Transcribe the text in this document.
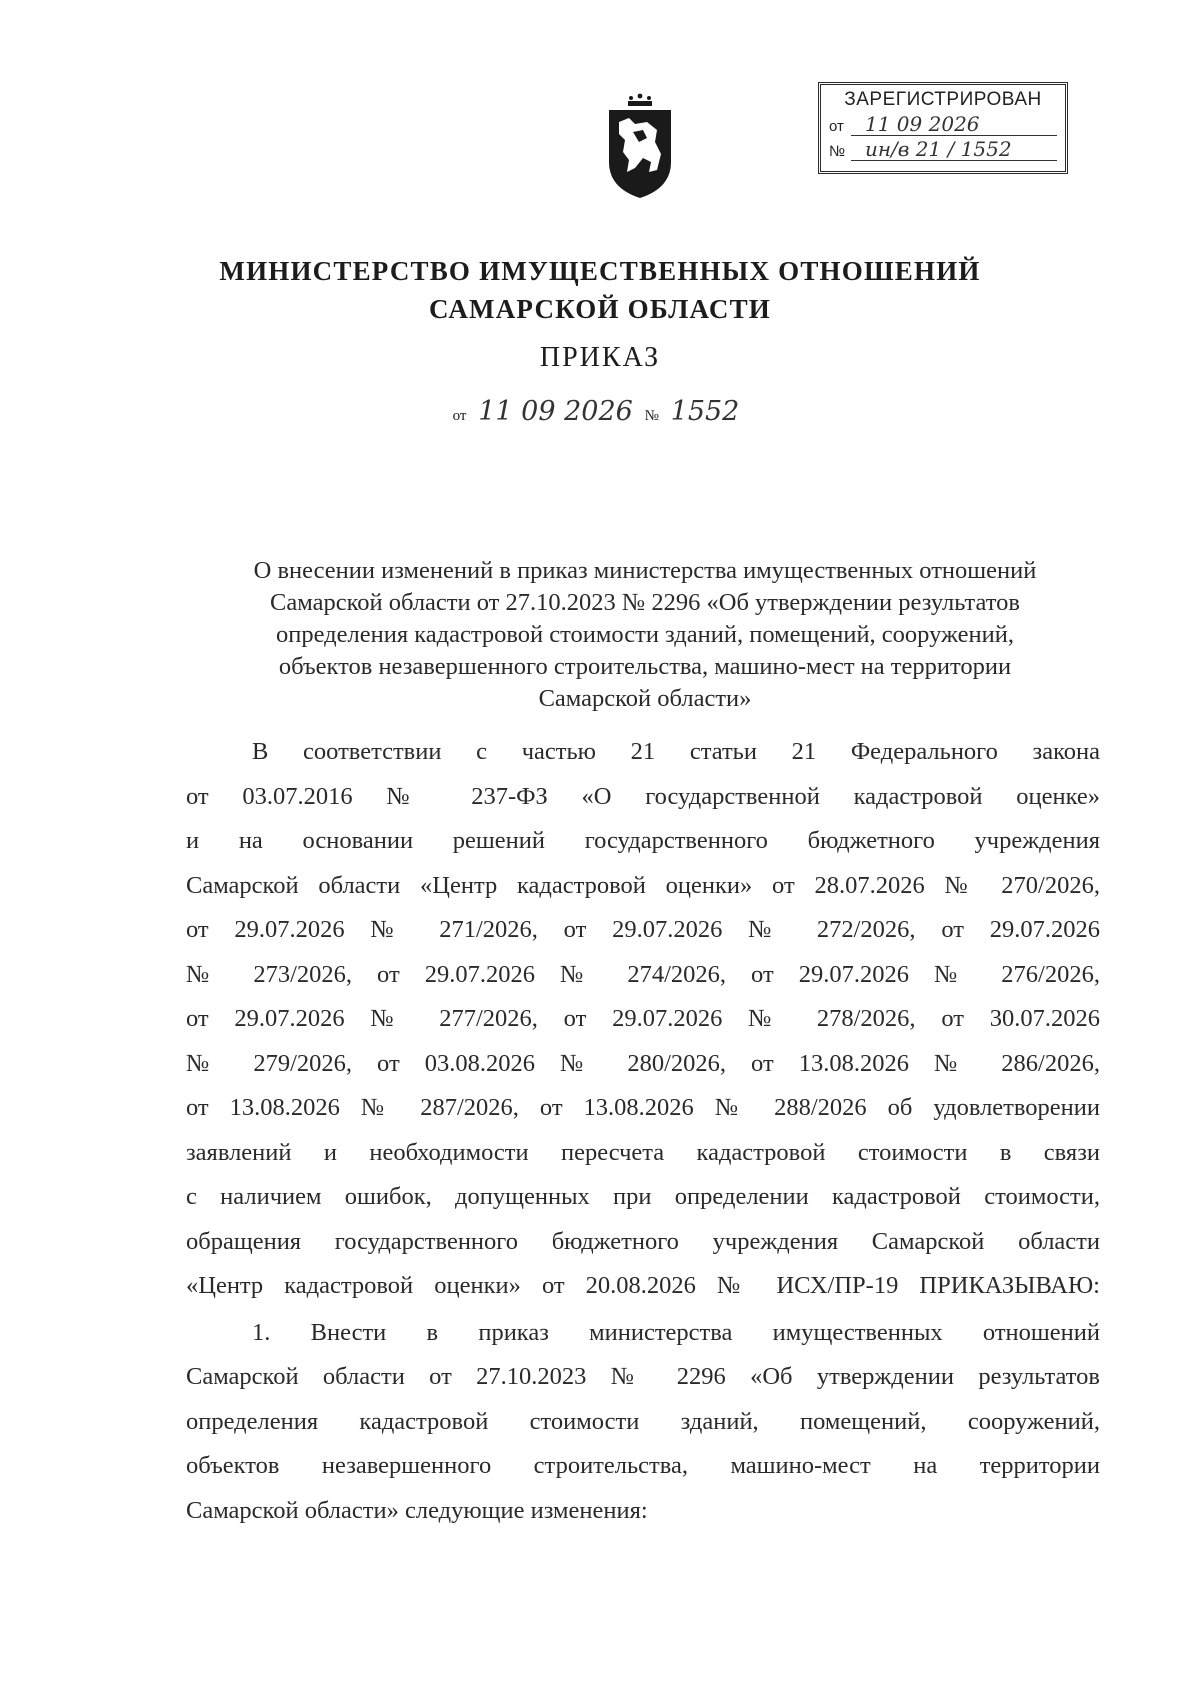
ЗАРЕГИСТРИРОВАН
от	11 09 2026
№ ин/в 21 / 1552
МИНИСТЕРСТВО ИМУЩЕСТВЕННЫХ ОТНОШЕНИЙ
САМАРСКОЙ ОБЛАСТИ
ПРИКАЗ
от 11 09 2026 № 1552
О внесении изменений в приказ министерства имущественных отношений
Самарской области от 27.10.2023 № 2296 «Об утверждении результатов
определения кадастровой стоимости зданий, помещений, сооружений,
объектов незавершенного строительства, машино-мест на территории
Самарской области»

В соответствии с частью 21 статьи 21 Федерального закона
от 03.07.2016 № 237-ФЗ «О государственной кадастровой оценке»
и на основании решений государственного бюджетного учреждения
Самарской области «Центр кадастровой оценки» от 28.07.2026 № 270/2026,
от 29.07.2026 № 271/2026, от 29.07.2026 № 272/2026, от 29.07.2026
№ 273/2026, от 29.07.2026 № 274/2026, от 29.07.2026 № 276/2026,
от 29.07.2026 № 277/2026, от 29.07.2026 № 278/2026, от 30.07.2026
№ 279/2026, от 03.08.2026 № 280/2026, от 13.08.2026 № 286/2026,
от 13.08.2026 № 287/2026, от 13.08.2026 № 288/2026 об удовлетворении
заявлений и необходимости пересчета кадастровой стоимости в связи
с наличием ошибок, допущенных при определении кадастровой стоимости,
обращения государственного бюджетного учреждения Самарской области
«Центр кадастровой оценки» от 20.08.2026 № ИСХ/ПР-19 ПРИКАЗЫВАЮ:

1. Внести в приказ министерства имущественных отношений
Самарской области от 27.10.2023 № 2296 «Об утверждении результатов
определения кадастровой стоимости зданий, помещений, сооружений,
объектов незавершенного строительства, машино-мест на территории
Самарской области» следующие изменения:
